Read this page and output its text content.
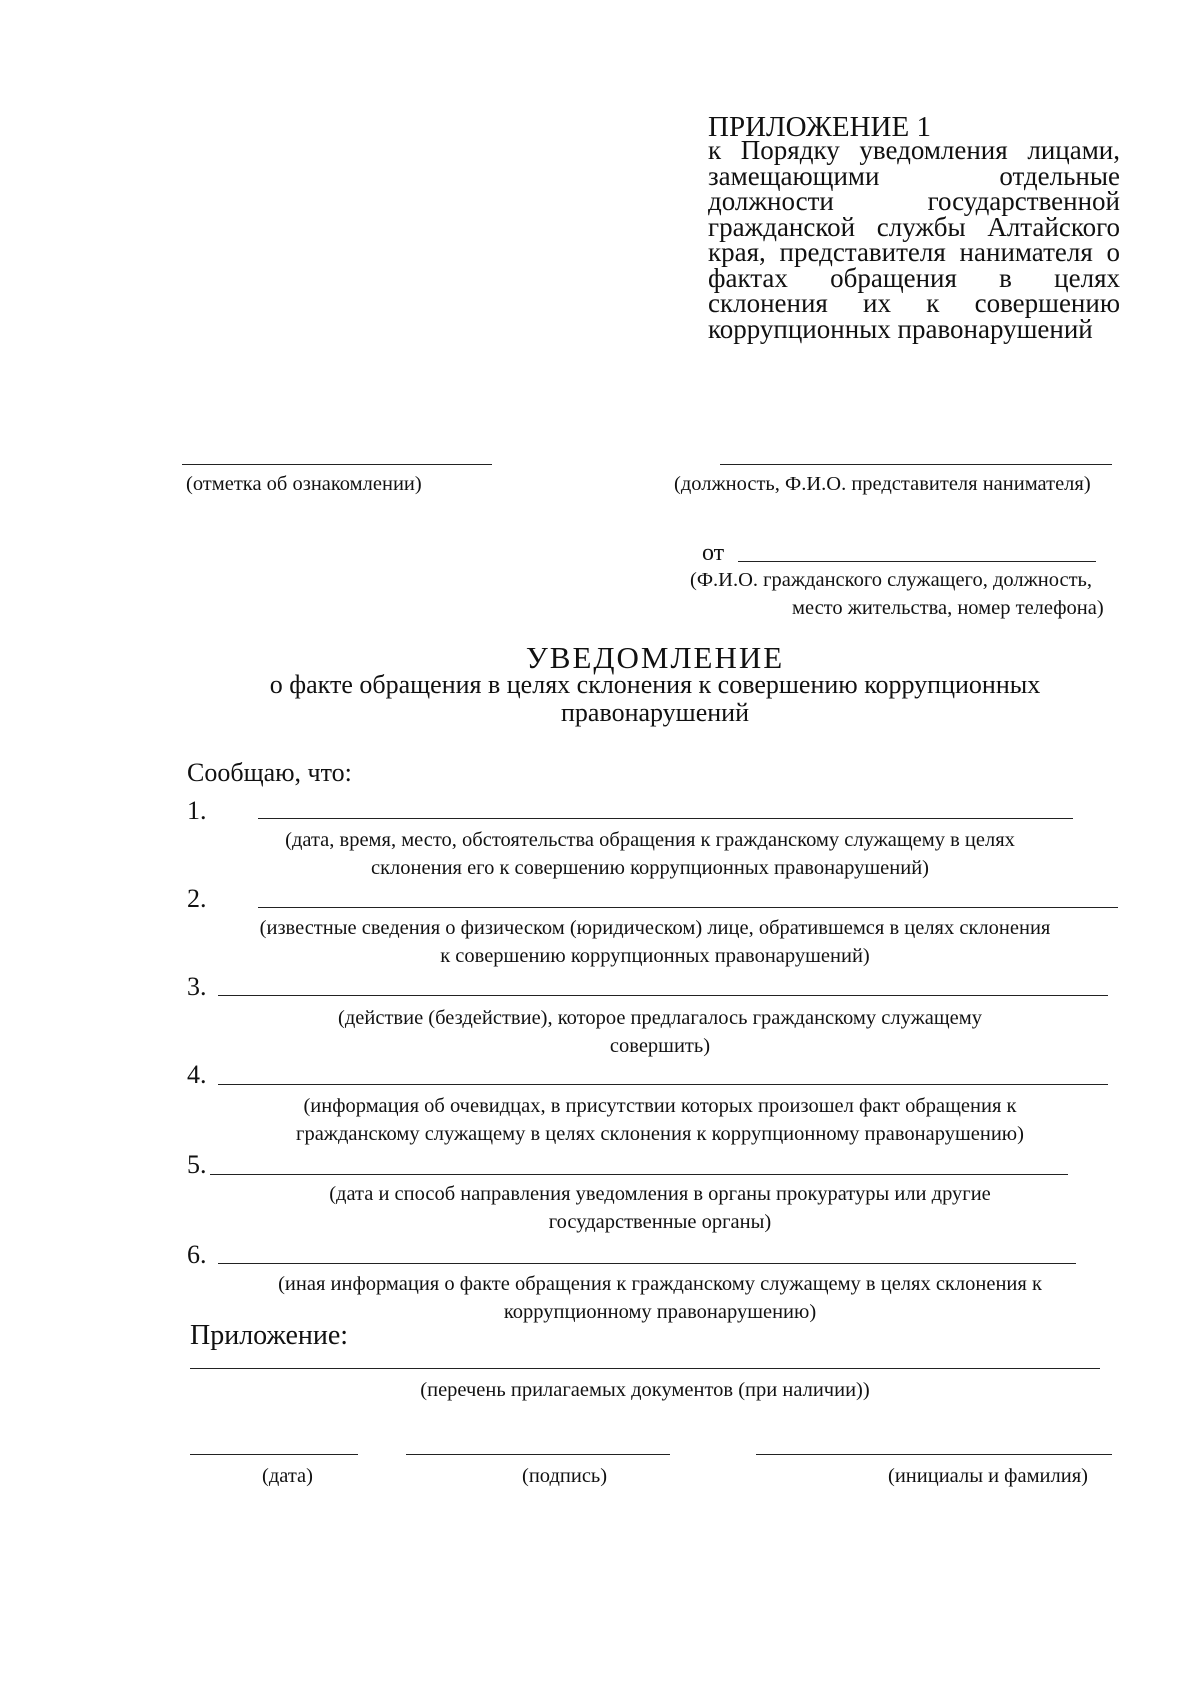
ПРИЛОЖЕНИЕ 1
к Порядку уведомления лицами, замещающими отдельные должности государственной гражданской службы Алтайского края, представителя нанимателя о фактах обращения в целях склонения их к совершению коррупционных правонарушений
(отметка об ознакомлении)	(должность, Ф.И.О. представителя нанимателя)
от
(Ф.И.О. гражданского служащего, должность,
место жительства, номер телефона)
УВЕДОМЛЕНИЕ
о факте обращения в целях склонения к совершению коррупционных
правонарушений
Сообщаю, что:
1.
(дата, время, место, обстоятельства обращения к гражданскому служащему в целях
склонения его к совершению коррупционных правонарушений)
2.
(известные сведения о физическом (юридическом) лице, обратившемся в целях склонения
к совершению коррупционных правонарушений)
3.
(действие (бездействие), которое предлагалось гражданскому служащему
совершить)
4.
(информация об очевидцах, в присутствии которых произошел факт обращения к
гражданскому служащему в целях склонения к коррупционному правонарушению)
5.
(дата и способ направления уведомления в органы прокуратуры или другие
государственные органы)
6.
(иная информация о факте обращения к гражданскому служащему в целях склонения к
коррупционному правонарушению)
Приложение:
(перечень прилагаемых документов (при наличии))
(дата)	(подпись)	(инициалы и фамилия)
